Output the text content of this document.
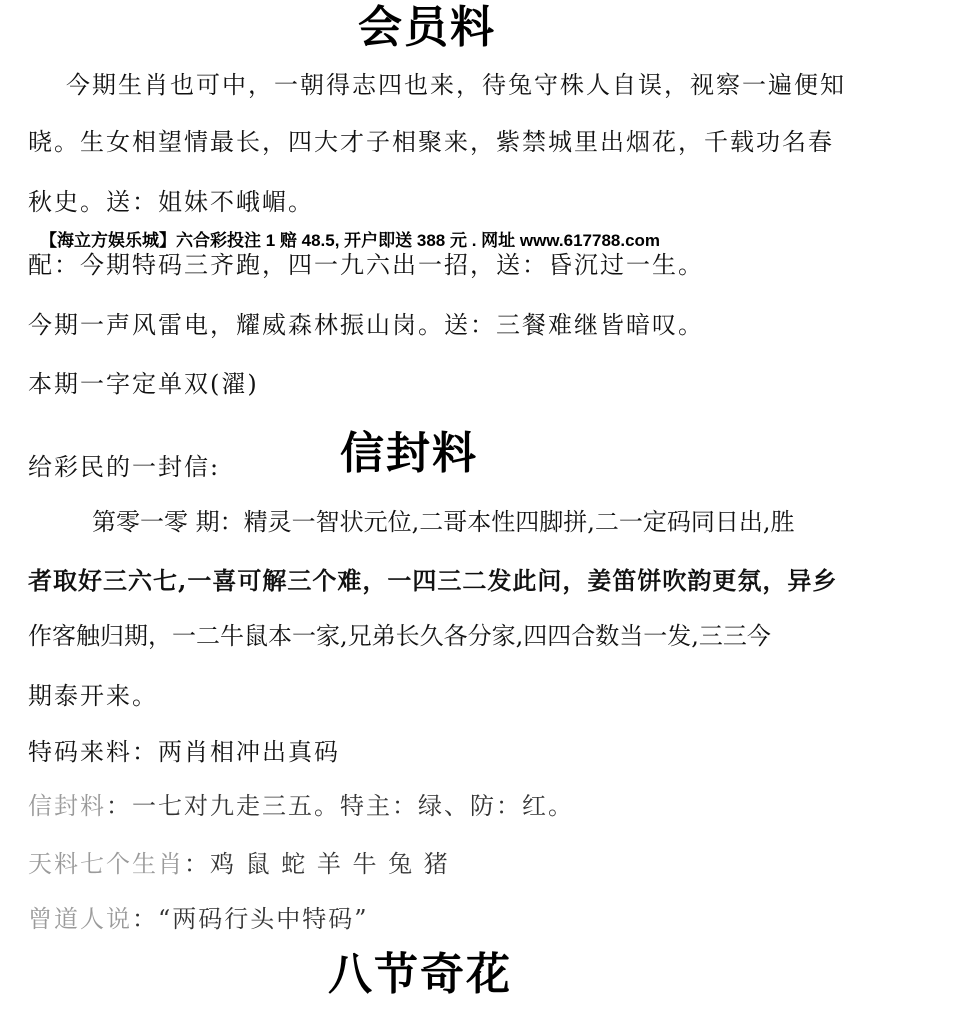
会员料
今期生肖也可中，一朝得志四也来，待兔守株人自误，视察一遍便知
晓。生女相望情最长，四大才子相聚来，紫禁城里出烟花，千载功名春
秋史。送：姐妹不峨嵋。
【海立方娱乐城】六合彩投注 1 赔 48.5, 开户即送 388 元 . 网址 www.617788.com
配：今期特码三齐跑，四一九六出一招，送：昏沉过一生。
今期一声风雷电，耀威森林振山岗。送：三餐难继皆暗叹。
本期一字定单双(濯)
给彩民的一封信:	信封料
第零一零 期：精灵一智状元位,二哥本性四脚拼,二一定码同日出,胜
者取好三六七,一喜可解三个难，一四三二发此问，姜笛饼吹韵更氛，异乡
作客触归期，一二牛鼠本一家,兄弟长久各分家,四四合数当一发,三三今
期泰开来。
特码来料：两肖相冲出真码
信封料：一七对九走三五。特主：绿、防：红。
天料七个生肖：鸡 鼠 蛇 羊 牛 兔 猪
曾道人说：“两码行头中特码”
八节奇花
